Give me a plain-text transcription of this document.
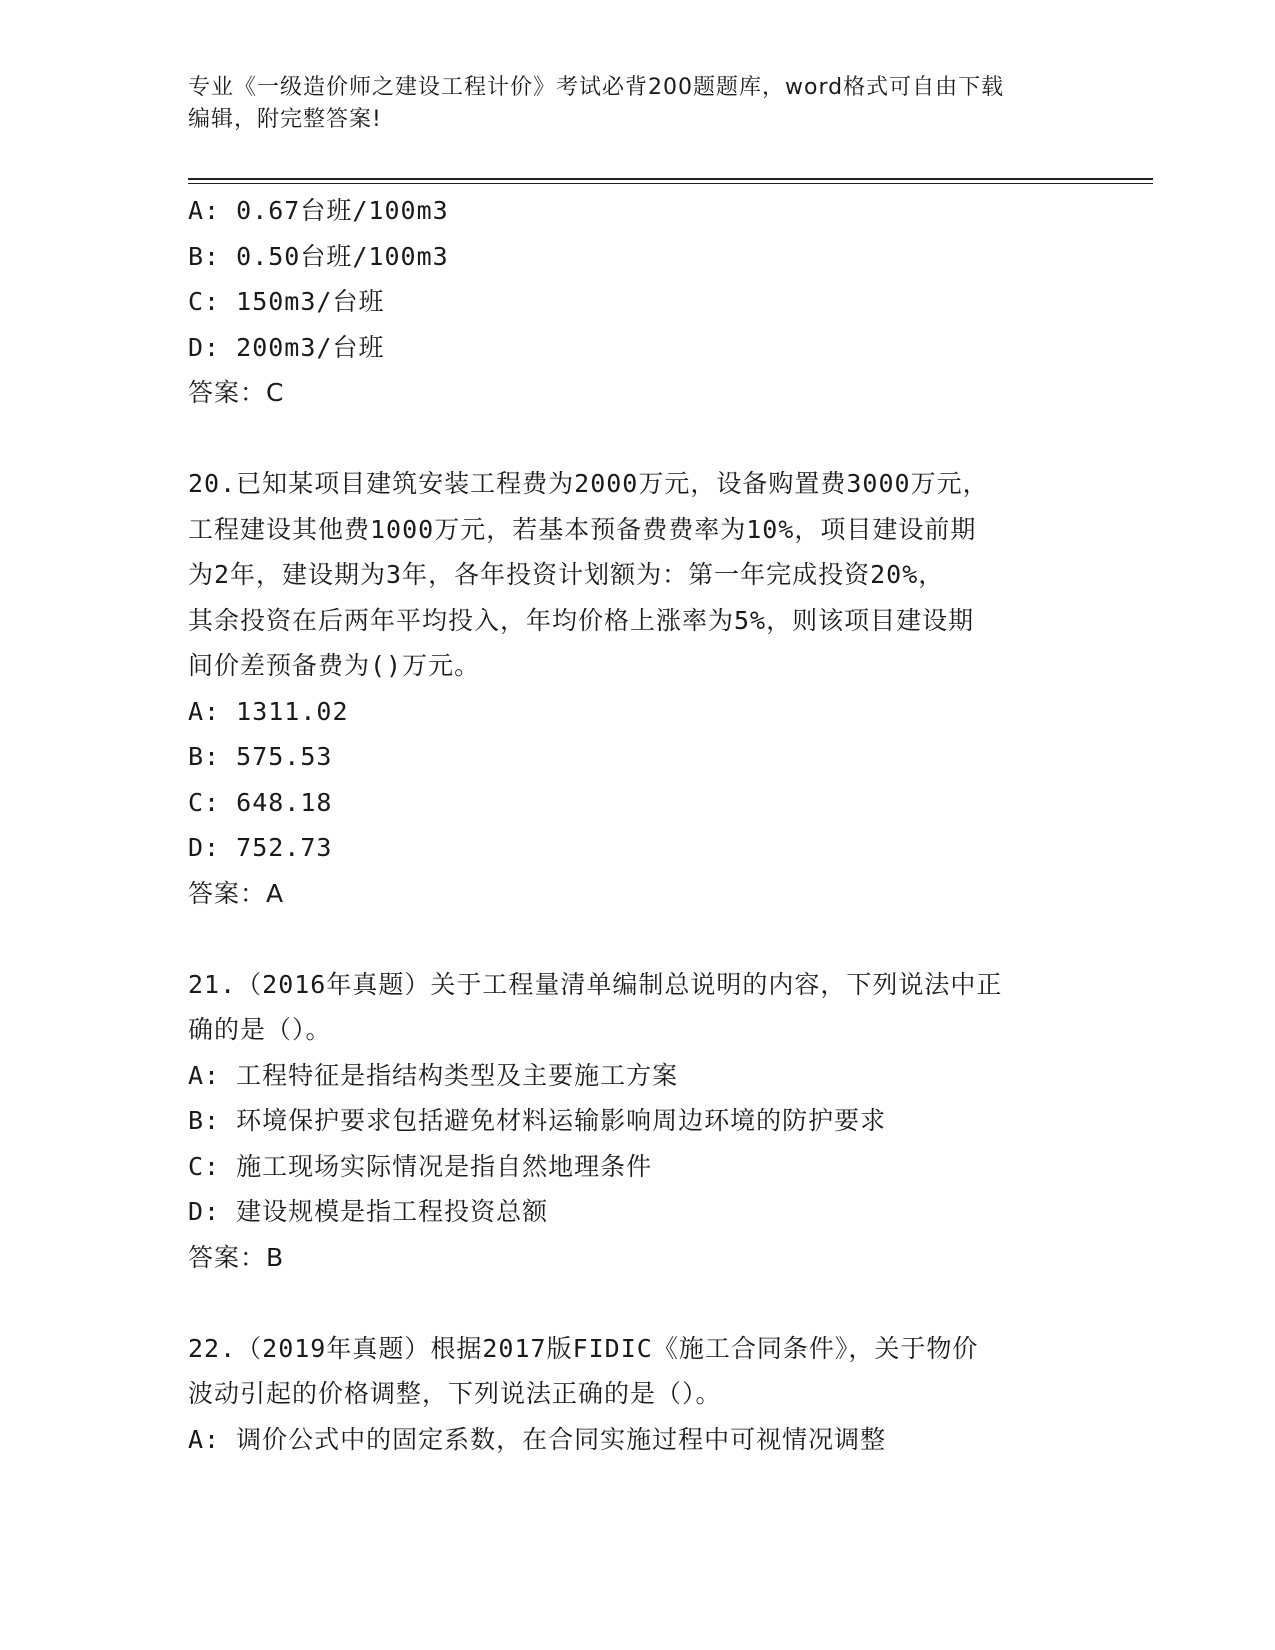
专业《一级造价师之建设工程计价》考试必背200题题库，word格式可自由下载
编辑，附完整答案!
A: 0.67台班/100m3
B: 0.50台班/100m3
C: 150m3/台班
D: 200m3/台班
答案：C
20.已知某项目建筑安装工程费为2000万元，设备购置费3000万元，
工程建设其他费1000万元，若基本预备费费率为10%，项目建设前期
为2年，建设期为3年，各年投资计划额为：第一年完成投资20%，
其余投资在后两年平均投入，年均价格上涨率为5%，则该项目建设期
间价差预备费为()万元。
A: 1311.02
B: 575.53
C: 648.18
D: 752.73
答案：A
21.（2016年真题）关于工程量清单编制总说明的内容，下列说法中正
确的是（）。
A: 工程特征是指结构类型及主要施工方案
B: 环境保护要求包括避免材料运输影响周边环境的防护要求
C: 施工现场实际情况是指自然地理条件
D: 建设规模是指工程投资总额
答案：B
22.（2019年真题）根据2017版FIDIC《施工合同条件》，关于物价
波动引起的价格调整，下列说法正确的是（）。
A: 调价公式中的固定系数，在合同实施过程中可视情况调整
